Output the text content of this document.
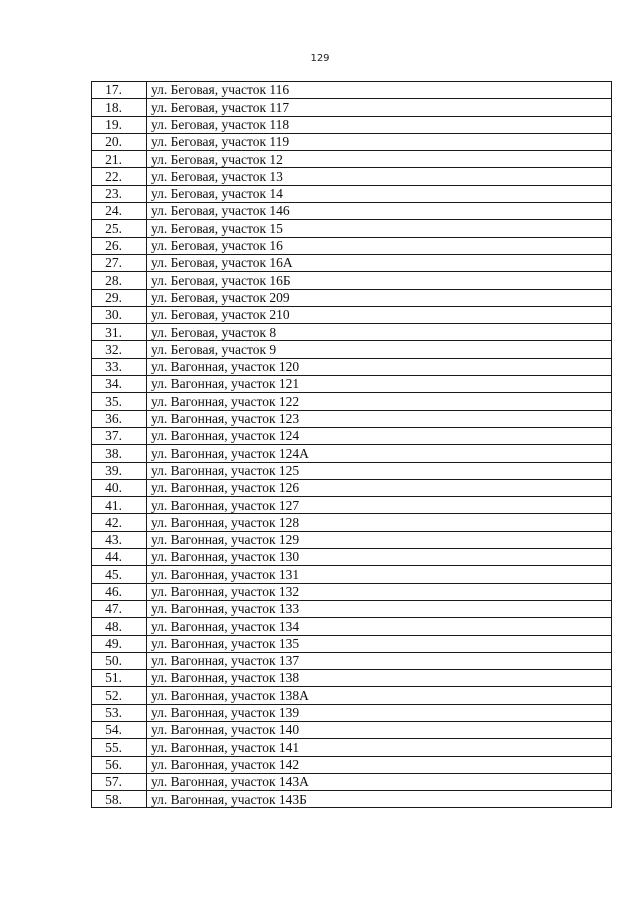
129
17.	ул. Беговая, участок 116
18.	ул. Беговая, участок 117
19.	ул. Беговая, участок 118
20.	ул. Беговая, участок 119
21.	ул. Беговая, участок 12
22.	ул. Беговая, участок 13
23.	ул. Беговая, участок 14
24.	ул. Беговая, участок 146
25.	ул. Беговая, участок 15
26.	ул. Беговая, участок 16
27.	ул. Беговая, участок 16А
28.	ул. Беговая, участок 16Б
29.	ул. Беговая, участок 209
30.	ул. Беговая, участок 210
31.	ул. Беговая, участок 8
32.	ул. Беговая, участок 9
33.	ул. Вагонная, участок 120
34.	ул. Вагонная, участок 121
35.	ул. Вагонная, участок 122
36.	ул. Вагонная, участок 123
37.	ул. Вагонная, участок 124
38.	ул. Вагонная, участок 124А
39.	ул. Вагонная, участок 125
40.	ул. Вагонная, участок 126
41.	ул. Вагонная, участок 127
42.	ул. Вагонная, участок 128
43.	ул. Вагонная, участок 129
44.	ул. Вагонная, участок 130
45.	ул. Вагонная, участок 131
46.	ул. Вагонная, участок 132
47.	ул. Вагонная, участок 133
48.	ул. Вагонная, участок 134
49.	ул. Вагонная, участок 135
50.	ул. Вагонная, участок 137
51.	ул. Вагонная, участок 138
52.	ул. Вагонная, участок 138А
53.	ул. Вагонная, участок 139
54.	ул. Вагонная, участок 140
55.	ул. Вагонная, участок 141
56.	ул. Вагонная, участок 142
57.	ул. Вагонная, участок 143А
58.	ул. Вагонная, участок 143Б
